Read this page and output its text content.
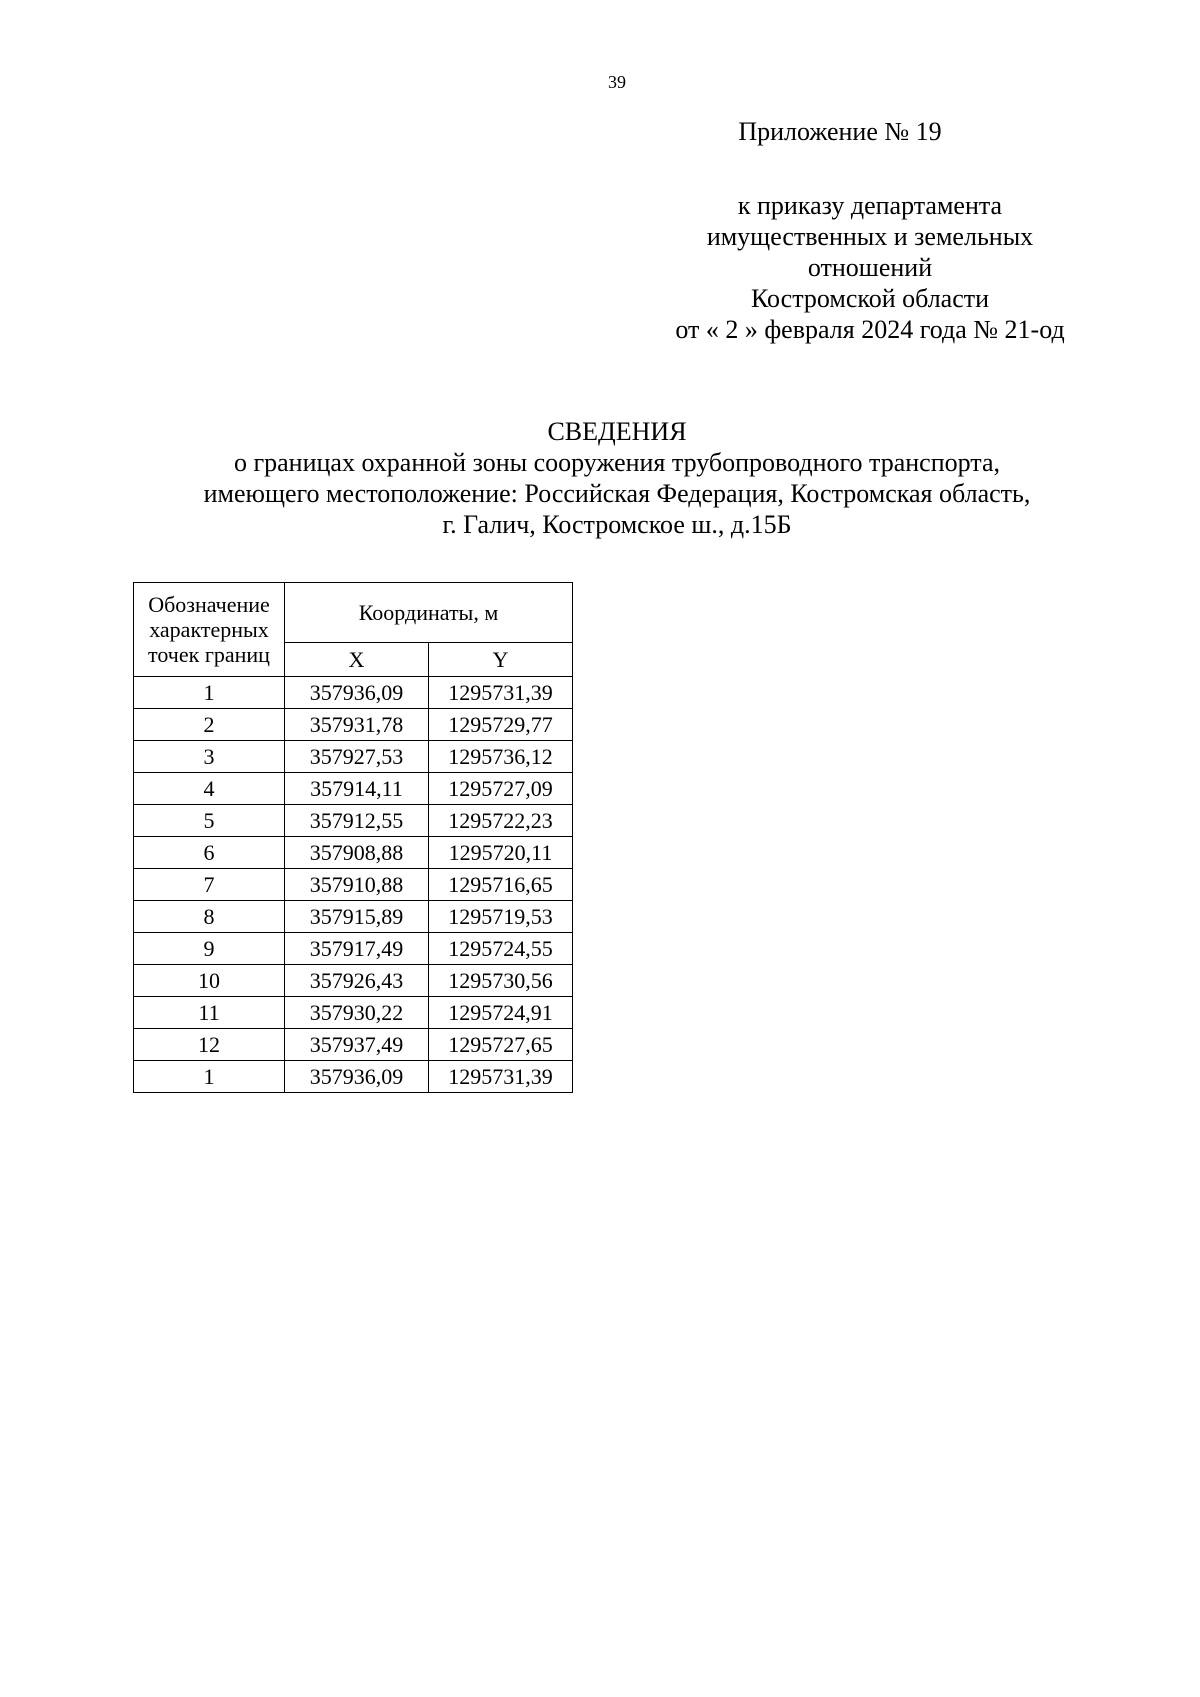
39
Приложение № 19
к приказу департамента
имущественных и земельных
отношений
Костромской области
от « 2 » февраля 2024 года № 21-од
СВЕДЕНИЯ
о границах охранной зоны сооружения трубопроводного транспорта,
имеющего местоположение: Российская Федерация, Костромская область,
г. Галич, Костромское ш., д.15Б
Обозначение
характерных
точек границ	Координаты, м	
	X	Y
1	357936,09	1295731,39
2	357931,78	1295729,77
3	357927,53	1295736,12
4	357914,11	1295727,09
5	357912,55	1295722,23
6	357908,88	1295720,11
7	357910,88	1295716,65
8	357915,89	1295719,53
9	357917,49	1295724,55
10	357926,43	1295730,56
11	357930,22	1295724,91
12	357937,49	1295727,65
1	357936,09	1295731,39
